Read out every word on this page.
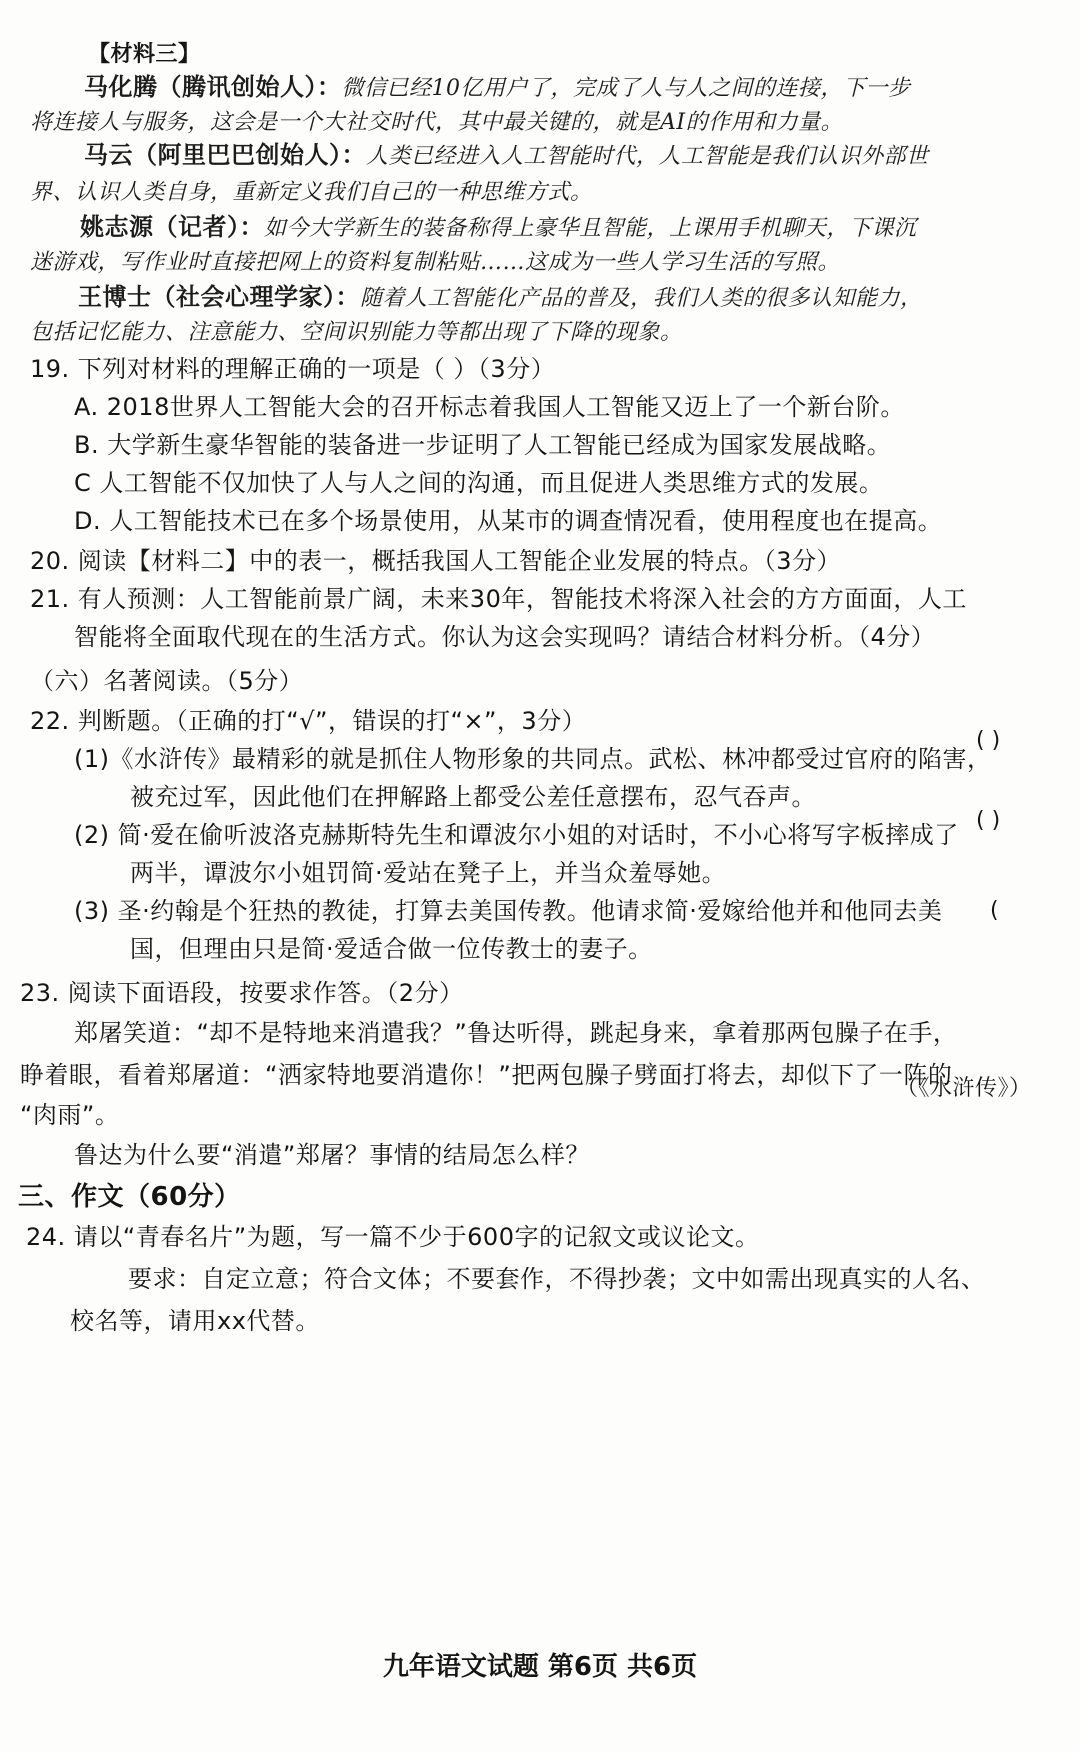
【材料三】
马化腾（腾讯创始人）：微信已经10亿用户了，完成了人与人之间的连接，下一步
将连接人与服务，这会是一个大社交时代，其中最关键的，就是AI的作用和力量。
马云（阿里巴巴创始人）：人类已经进入人工智能时代，人工智能是我们认识外部世
界、认识人类自身，重新定义我们自己的一种思维方式。
姚志源（记者）：如今大学新生的装备称得上豪华且智能，上课用手机聊天，下课沉
迷游戏，写作业时直接把网上的资料复制粘贴……这成为一些人学习生活的写照。
王博士（社会心理学家）：随着人工智能化产品的普及，我们人类的很多认知能力，
包括记忆能力、注意能力、空间识别能力等都出现了下降的现象。
19. 下列对材料的理解正确的一项是（ ）（3分）
A. 2018世界人工智能大会的召开标志着我国人工智能又迈上了一个新台阶。
B. 大学新生豪华智能的装备进一步证明了人工智能已经成为国家发展战略。
C 人工智能不仅加快了人与人之间的沟通，而且促进人类思维方式的发展。
D. 人工智能技术已在多个场景使用，从某市的调查情况看，使用程度也在提高。
20. 阅读【材料二】中的表一，概括我国人工智能企业发展的特点。（3分）
21. 有人预测：人工智能前景广阔，未来30年，智能技术将深入社会的方方面面，人工
智能将全面取代现在的生活方式。你认为这会实现吗？请结合材料分析。（4分）
（六）名著阅读。（5分）
22. 判断题。（正确的打“√”，错误的打“×”，3分）
(1)《水浒传》最精彩的就是抓住人物形象的共同点。武松、林冲都受过官府的陷害，
( )
被充过军，因此他们在押解路上都受公差任意摆布，忍气吞声。
(2) 简·爱在偷听波洛克赫斯特先生和谭波尔小姐的对话时，不小心将写字板摔成了
( )
两半，谭波尔小姐罚简·爱站在凳子上，并当众羞辱她。
(3) 圣·约翰是个狂热的教徒，打算去美国传教。他请求简·爱嫁给他并和他同去美 (
国，但理由只是简·爱适合做一位传教士的妻子。
23. 阅读下面语段，按要求作答。（2分）
郑屠笑道：“却不是特地来消遣我？”鲁达听得，跳起身来，拿着那两包臊子在手，
睁着眼，看着郑屠道：“洒家特地要消遣你！”把两包臊子劈面打将去，却似下了一阵的
（《水浒传》）
“肉雨”。
鲁达为什么要“消遣”郑屠？事情的结局怎么样？
三、作文（60分）
24. 请以“青春名片”为题，写一篇不少于600字的记叙文或议论文。
要求：自定立意；符合文体；不要套作，不得抄袭；文中如需出现真实的人名、
校名等，请用xx代替。
九年语文试题 第6页 共6页
